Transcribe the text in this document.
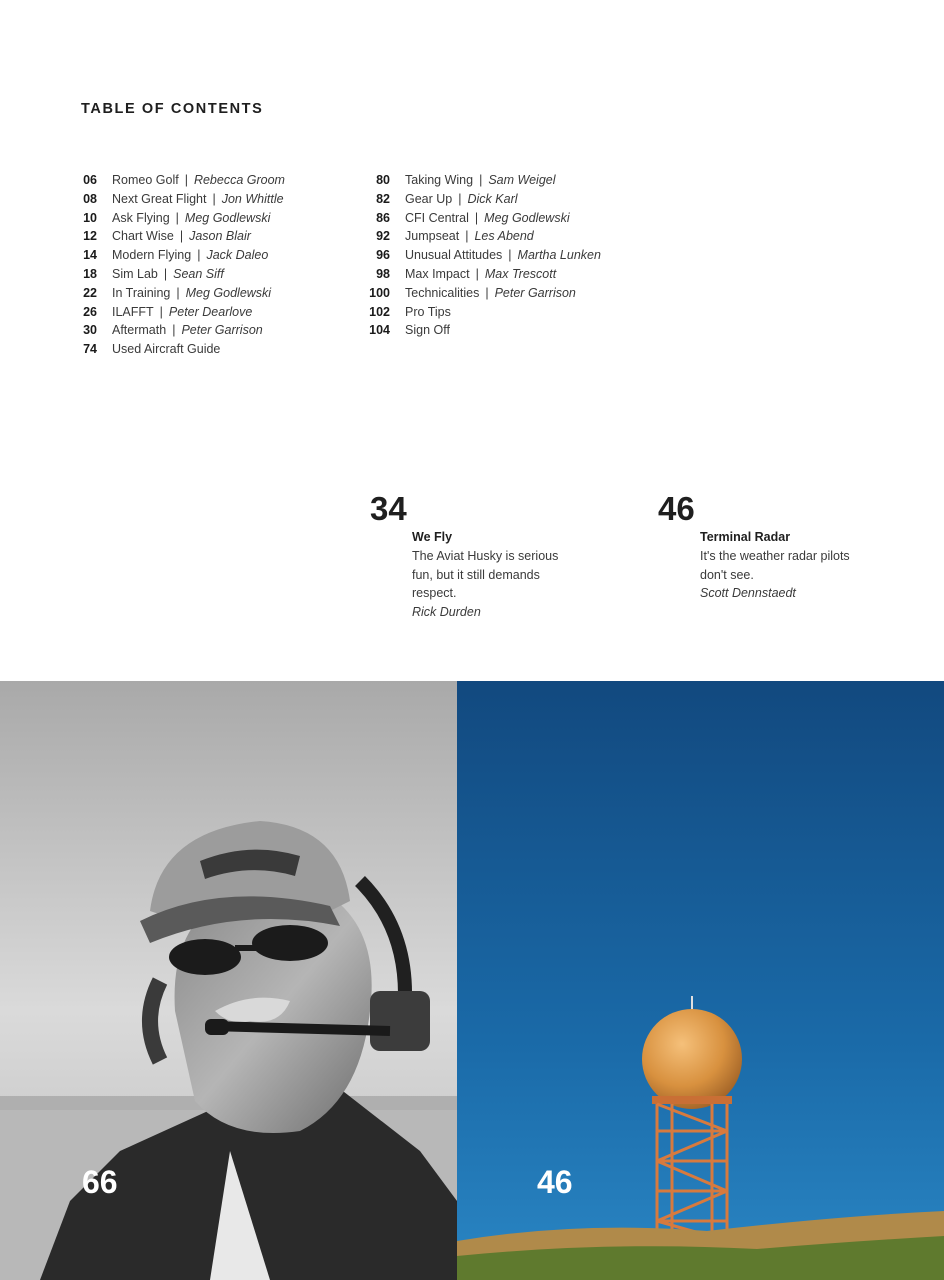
TABLE OF CONTENTS
06	Romeo Golf | Rebecca Groom
08	Next Great Flight | Jon Whittle
10	Ask Flying | Meg Godlewski
12	Chart Wise | Jason Blair
14	Modern Flying | Jack Daleo
18	Sim Lab | Sean Siff
22	In Training | Meg Godlewski
26	ILAFFT | Peter Dearlove
30	Aftermath | Peter Garrison
74	Used Aircraft Guide
80	Taking Wing | Sam Weigel
82	Gear Up | Dick Karl
86	CFI Central | Meg Godlewski
92	Jumpseat | Les Abend
96	Unusual Attitudes | Martha Lunken
98	Max Impact | Max Trescott
100	Technicalities | Peter Garrison
102	Pro Tips
104	Sign Off
34
We Fly
The Aviat Husky is serious fun, but it still demands respect.
Rick Durden
46
Terminal Radar
It's the weather radar pilots don't see.
Scott Dennstaedt
66	46
